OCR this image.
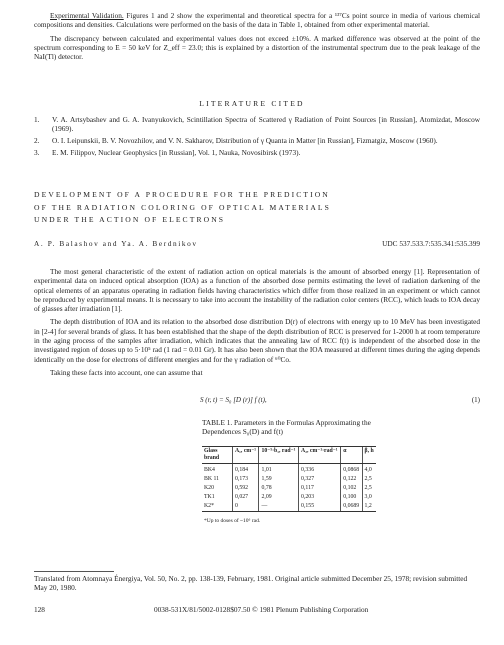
Experimental Validation. Figures 1 and 2 show the experimental and theoretical spectra for a ¹³⁷Cs point source in media of various chemical compositions and densities. Calculations were performed on the basis of the data in Table 1, obtained from other experimental material.

The discrepancy between calculated and experimental values does not exceed ±10%. A marked difference was observed at the point of the spectrum corresponding to E = 50 keV for Z_eff = 23.0; this is explained by a distortion of the instrumental spectrum due to the peak leakage of the NaI(Tl) detector.

LITERATURE CITED
1.	V. A. Artsybashev and G. A. Ivanyukovich, Scintillation Spectra of Scattered γ Radiation of Point Sources [in Russian], Atomizdat, Moscow (1969).
2.	O. I. Leipunskii, B. V. Novozhilov, and V. N. Sakharov, Distribution of γ Quanta in Matter [in Russian], Fizmatgiz, Moscow (1960).
3.	E. M. Filippov, Nuclear Geophysics [in Russian], Vol. 1, Nauka, Novosibirsk (1973).
DEVELOPMENT OF A PROCEDURE FOR THE PREDICTION
OF THE RADIATION COLORING OF OPTICAL MATERIALS
UNDER THE ACTION OF ELECTRONS
A. P. Balashov and Ya. A. Berdnikov	UDC 537.533.7:535.341:535.399

The most general characteristic of the extent of radiation action on optical materials is the amount of absorbed energy [1]. Representation of experimental data on induced optical absorption (IOA) as a function of the absorbed dose permits estimating the level of radiation darkening of the optical elements of an apparatus operating in radiation fields having characteristics which differ from those realized in an experiment or which cannot be reproduced by experimental means. It is necessary to take into account the instability of the radiation color centers (RCC), which leads to IOA decay of glasses after irradiation [1].

The depth distribution of IOA and its relation to the absorbed dose distribution D(r) of electrons with energy up to 10 MeV has been investigated in [2-4] for several brands of glass. It has been established that the shape of the depth distribution of RCC is preserved for 1-2000 h at room temperature in the aging process of the samples after irradiation, which indicates that the annealing law of RCC f(t) is independent of the absorbed dose in the investigated region of doses up to 5·10⁵ rad (1 rad = 0.01 Gr). It has also been shown that the IOA measured at different times during the aging depends identically on the dose for electrons of different energies and for the γ radiation of ⁶⁰Co.

Taking these facts into account, one can assume that

S (r, t) = S₀ [D (r)] f (t),	(1)
TABLE 1. Parameters in the Formulas Approximating the Dependences S₀(D) and f(t)
Glass brand	A₁, cm⁻¹	10⁻⁵·b₁, rad⁻¹	A₂, cm⁻¹·rad⁻¹	α	β, h
BK4	0,184	1,01	0,336	0,0868	4,0
BK 11	0,173	1,59	0,327	0,122	2,5
K20	0,592	0,78	0,117	0,102	2,5
TK1	0,027	2,09	0,203	0,100	3,0
K2*	0	—	0,155	0,0689	1,2
*Up to doses of ~10⁶ rad.
Translated from Atomnaya Énergiya, Vol. 50, No. 2, pp. 138-139, February, 1981. Original article submitted December 25, 1978; revision submitted May 20, 1980.
128	0038-531X/81/5002-0128$07.50 © 1981 Plenum Publishing Corporation
